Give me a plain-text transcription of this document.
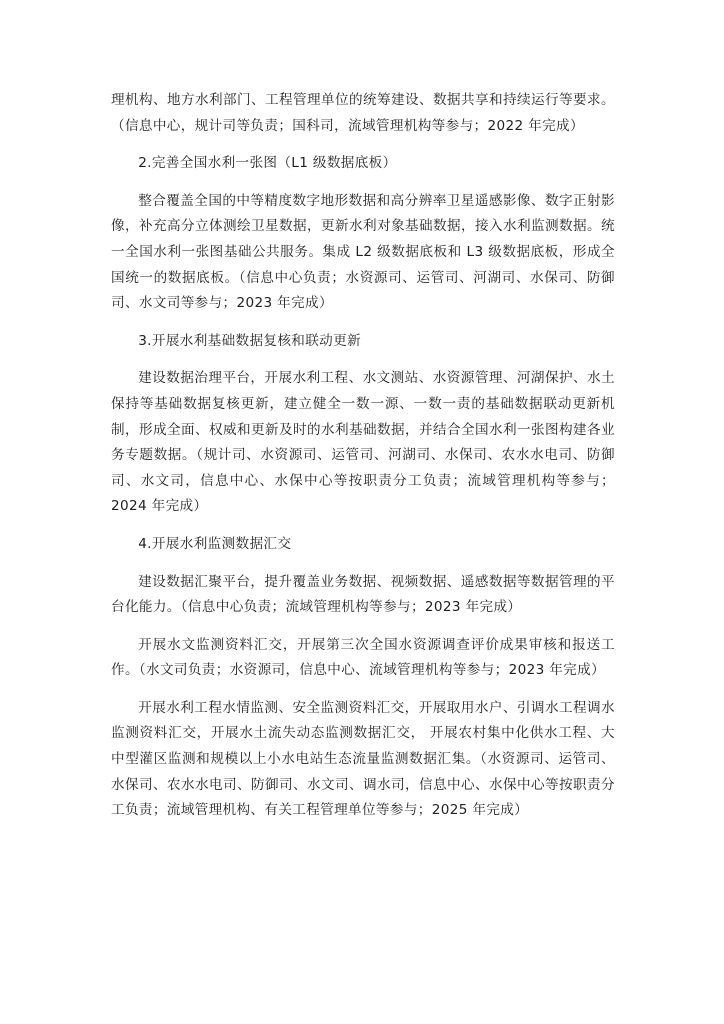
理机构、地方水利部门、工程管理单位的统筹建设、数据共享和持续运行等要求。（信息中心，规计司等负责；国科司，流域管理机构等参与；2022 年完成）

2.完善全国水利一张图（L1 级数据底板）

整合覆盖全国的中等精度数字地形数据和高分辨率卫星遥感影像、数字正射影像，补充高分立体测绘卫星数据，更新水利对象基础数据，接入水利监测数据。统一全国水利一张图基础公共服务。集成 L2 级数据底板和 L3 级数据底板，形成全国统一的数据底板。（信息中心负责；水资源司、运管司、河湖司、水保司、防御司、水文司等参与；2023 年完成）

3.开展水利基础数据复核和联动更新

建设数据治理平台，开展水利工程、水文测站、水资源管理、河湖保护、水土保持等基础数据复核更新，建立健全一数一源、一数一责的基础数据联动更新机制，形成全面、权威和更新及时的水利基础数据，并结合全国水利一张图构建各业务专题数据。（规计司、水资源司、运管司、河湖司、水保司、农水水电司、防御司、水文司，信息中心、水保中心等按职责分工负责；流域管理机构等参与；2024 年完成）

4.开展水利监测数据汇交

建设数据汇聚平台，提升覆盖业务数据、视频数据、遥感数据等数据管理的平台化能力。（信息中心负责；流域管理机构等参与；2023 年完成）

开展水文监测资料汇交，开展第三次全国水资源调查评价成果审核和报送工作。（水文司负责；水资源司，信息中心、流域管理机构等参与；2023 年完成）

开展水利工程水情监测、安全监测资料汇交，开展取用水户、引调水工程调水监测资料汇交，开展水土流失动态监测数据汇交， 开展农村集中化供水工程、大中型灌区监测和规模以上小水电站生态流量监测数据汇集。（水资源司、运管司、水保司、农水水电司、防御司、水文司、调水司，信息中心、水保中心等按职责分工负责；流域管理机构、有关工程管理单位等参与；2025 年完成）
